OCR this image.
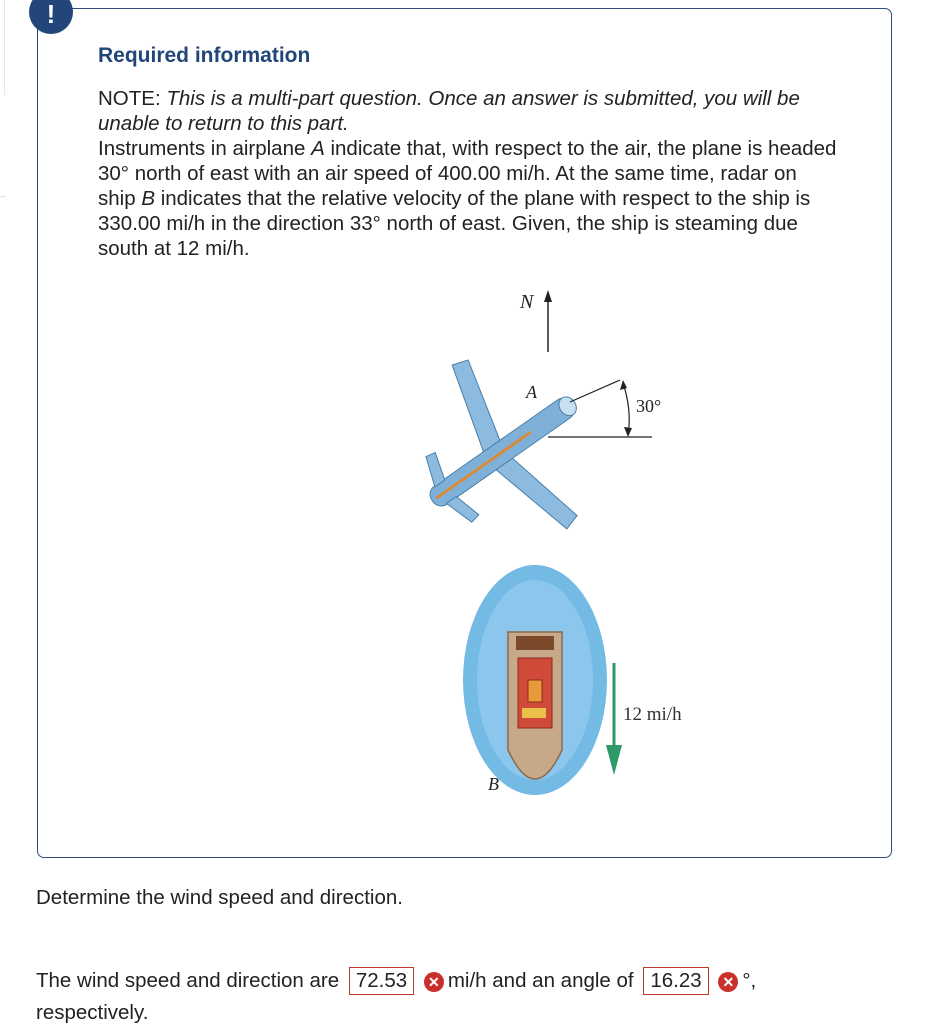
!
Required information
NOTE: This is a multi-part question. Once an answer is submitted, you will be unable to return to this part.
Instruments in airplane A indicate that, with respect to the air, the plane is headed 30° north of east with an air speed of 400.00 mi/h. At the same time, radar on ship B indicates that the relative velocity of the plane with respect to the ship is 330.00 mi/h in the direction 33° north of east. Given, the ship is steaming due south at 12 mi/h.
N
A
30°
B
12 mi/h
Determine the wind speed and direction.
The wind speed and direction are 72.53 ✕ mi/h and an angle of 16.23 ✕ °,
respectively.
